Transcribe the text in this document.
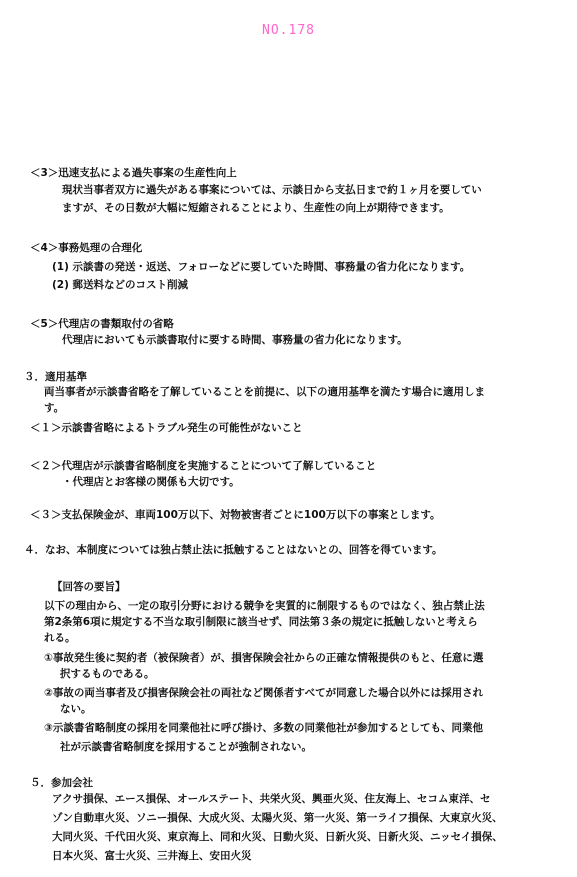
NO.178
＜3＞迅速支払による過失事案の生産性向上
現状当事者双方に過失がある事案については、示談日から支払日まで約１ヶ月を要してい
ますが、その日数が大幅に短縮されることにより、生産性の向上が期待できます。
＜4＞事務処理の合理化
(1) 示談書の発送・返送、フォローなどに要していた時間、事務量の省力化になります。
(2) 郵送料などのコスト削減
＜5＞代理店の書類取付の省略
代理店においても示談書取付に要する時間、事務量の省力化になります。
３．適用基準
両当事者が示談書省略を了解していることを前提に、以下の適用基準を満たす場合に適用しま
す。
＜１＞示談書省略によるトラブル発生の可能性がないこと
＜２＞代理店が示談書省略制度を実施することについて了解していること
・代理店とお客様の関係も大切です。
＜３＞支払保険金が、車両100万以下、対物被害者ごとに100万以下の事案とします。
４．なお、本制度については独占禁止法に抵触することはないとの、回答を得ています。
【回答の要旨】
以下の理由から、一定の取引分野における競争を実質的に制限するものではなく、独占禁止法
第2条第6項に規定する不当な取引制限に該当せず、同法第３条の規定に抵触しないと考えら
れる。
①事故発生後に契約者（被保険者）が、損害保険会社からの正確な情報提供のもと、任意に選
択するものである。
②事故の両当事者及び損害保険会社の両社など関係者すべてが同意した場合以外には採用され
ない。
③示談書省略制度の採用を同業他社に呼び掛け、多数の同業他社が参加するとしても、同業他
社が示談書省略制度を採用することが強制されない。
５．参加会社
アクサ損保、エース損保、オールステート、共栄火災、興亜火災、住友海上、セコム東洋、セ
ゾン自動車火災、ソニー損保、大成火災、太陽火災、第一火災、第一ライフ損保、大東京火災、
大同火災、千代田火災、東京海上、同和火災、日動火災、日新火災、日新火災、ニッセイ損保、
日本火災、富士火災、三井海上、安田火災
